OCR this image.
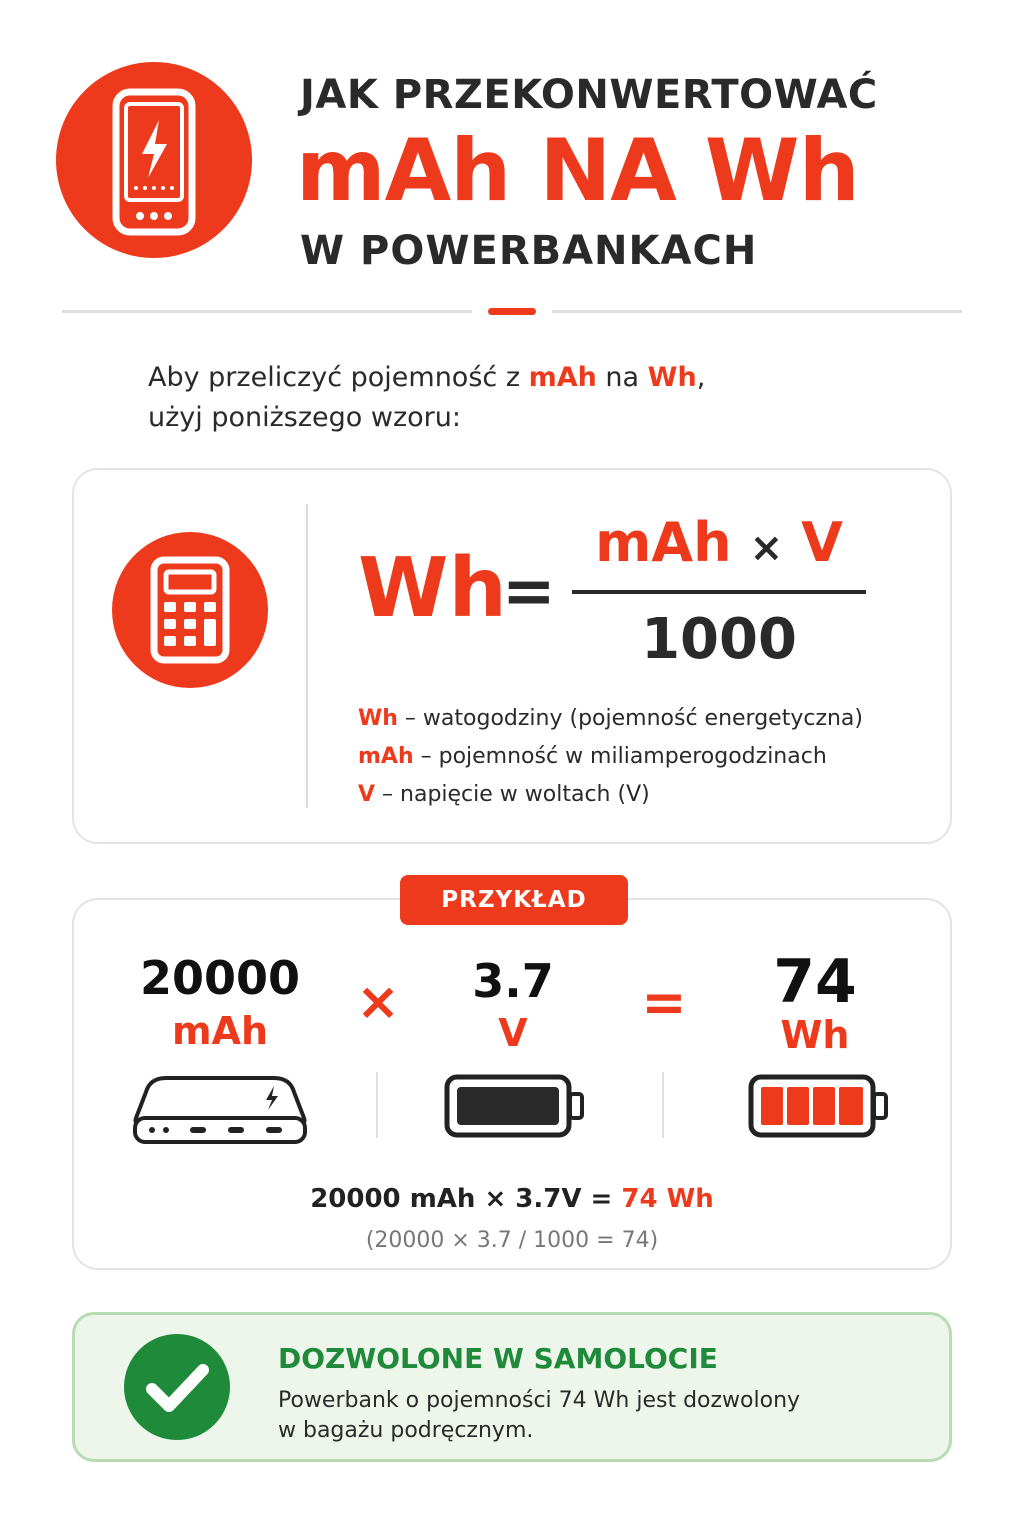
JAK PRZEKONWERTOWAĆ
mAh NA Wh
W POWERBANKACH
Aby przeliczyć pojemność z mAh na Wh,
użyj poniższego wzoru:
Wh
=
mAh × V
1000
Wh – watogodziny (pojemność energetyczna)
mAh – pojemność w miliamperogodzinach
V – napięcie w woltach (V)
PRZYKŁAD
20000
mAh	×	3.7
V	=	74
Wh
20000 mAh × 3.7V = 74 Wh
(20000 × 3.7 / 1000 = 74)
DOZWOLONE W SAMOLOCIE
Powerbank o pojemności 74 Wh jest dozwolony
w bagażu podręcznym.
